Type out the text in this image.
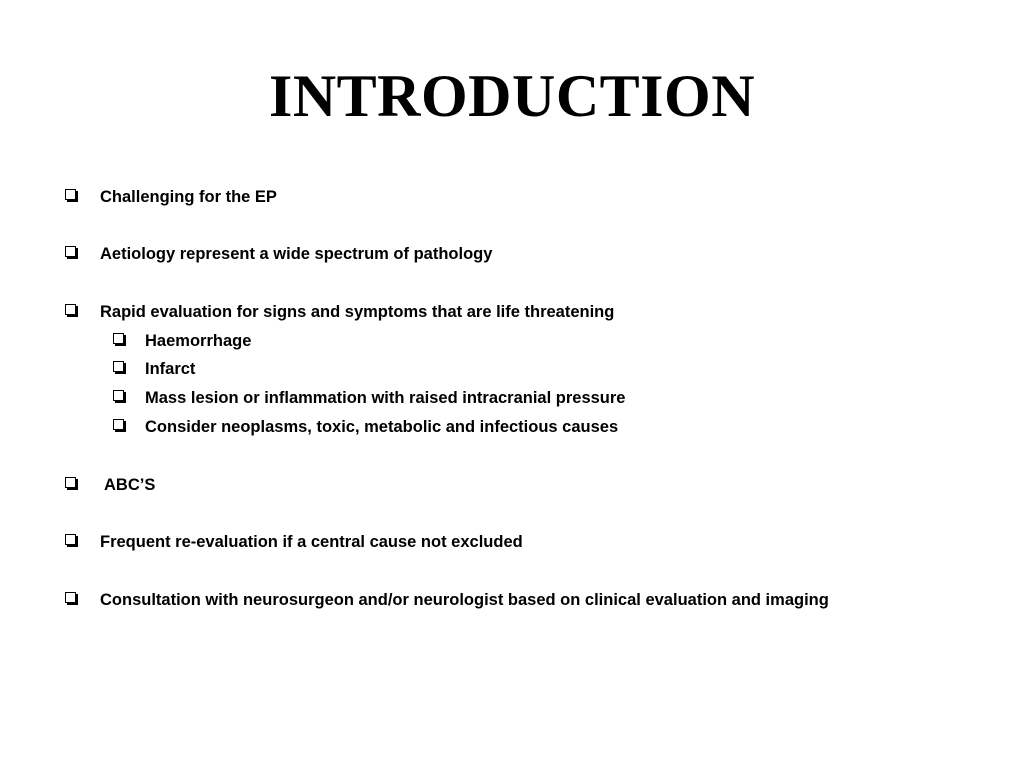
INTRODUCTION
Challenging for the EP
Aetiology represent a wide spectrum of pathology
Rapid evaluation for signs and symptoms that are life threatening
Haemorrhage
Infarct
Mass lesion or inflammation with raised intracranial pressure
Consider neoplasms, toxic, metabolic and infectious causes
ABC’S
Frequent re-evaluation if a central cause not excluded
Consultation with neurosurgeon and/or neurologist based on clinical evaluation and imaging
